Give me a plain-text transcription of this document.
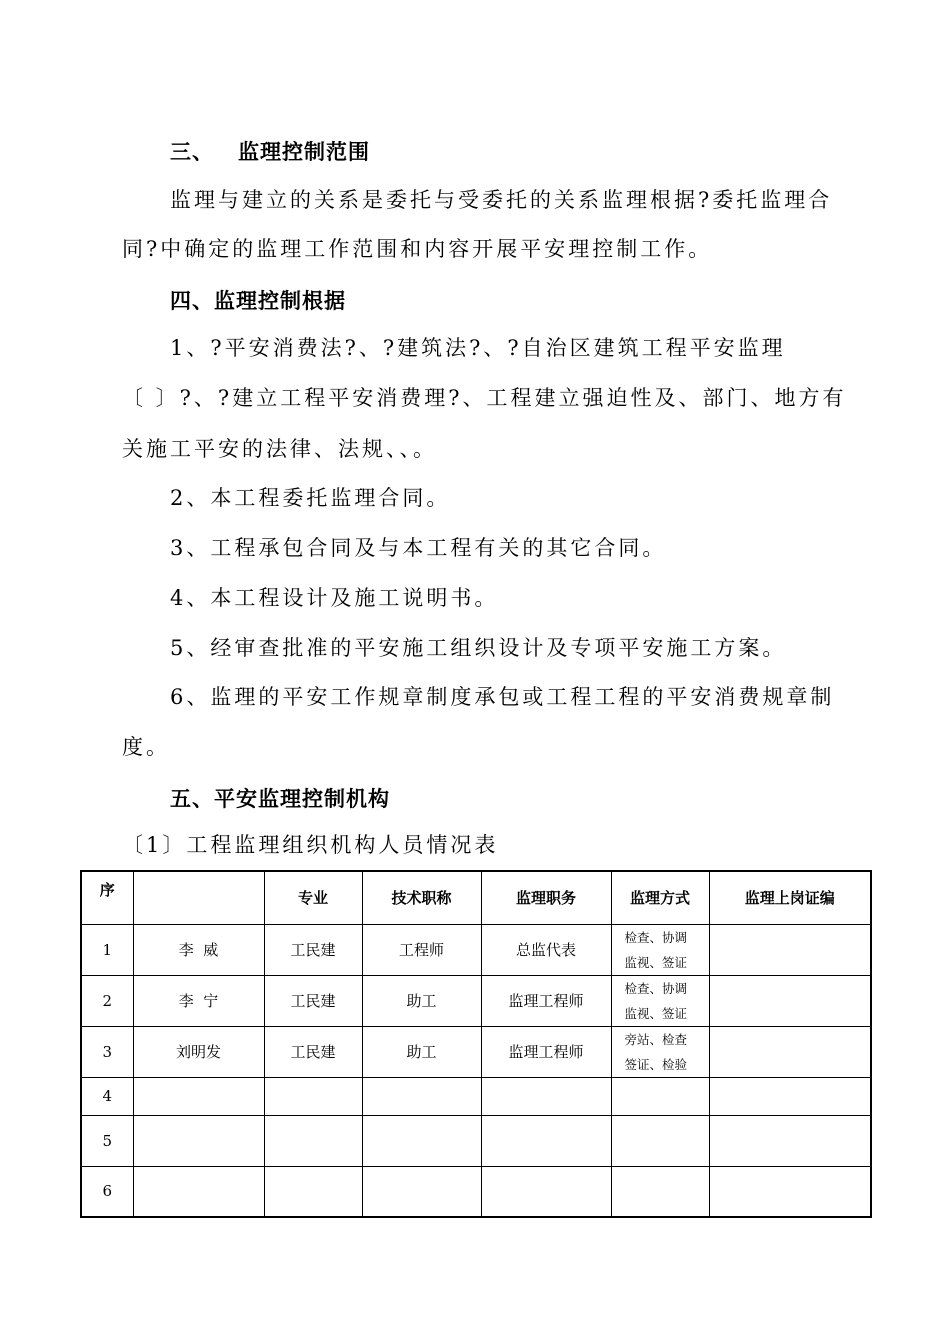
三、 监理控制范围
监理与建立的关系是委托与受委托的关系监理根据?委托监理合
同?中确定的监理工作范围和内容开展平安理控制工作。
四、监理控制根据
1、?平安消费法?、?建筑法?、?自治区建筑工程平安监理
〔 〕?、?建立工程平安消费理?、工程建立强迫性及、部门、地方有
关施工平安的法律、法规、、。
2、本工程委托监理合同。
3、工程承包合同及与本工程有关的其它合同。
4、本工程设计及施工说明书。
5、经审查批准的平安施工组织设计及专项平安施工方案。
6、监理的平安工作规章制度承包或工程工程的平安消费规章制
度。
五、平安监理控制机构
〔1〕工程监理组织机构人员情况表
序		专业	技术职称	监理职务	监理方式	监理上岗证编
1	李  威	工民建	工程师	总监代表	检查、协调
监视、签证	

2	李  宁	工民建	助工	监理工程师	检查、协调
监视、签证	

3	刘明发	工民建	助工	监理工程师	旁站、检查
签证、检验	

4						
5						
6						
